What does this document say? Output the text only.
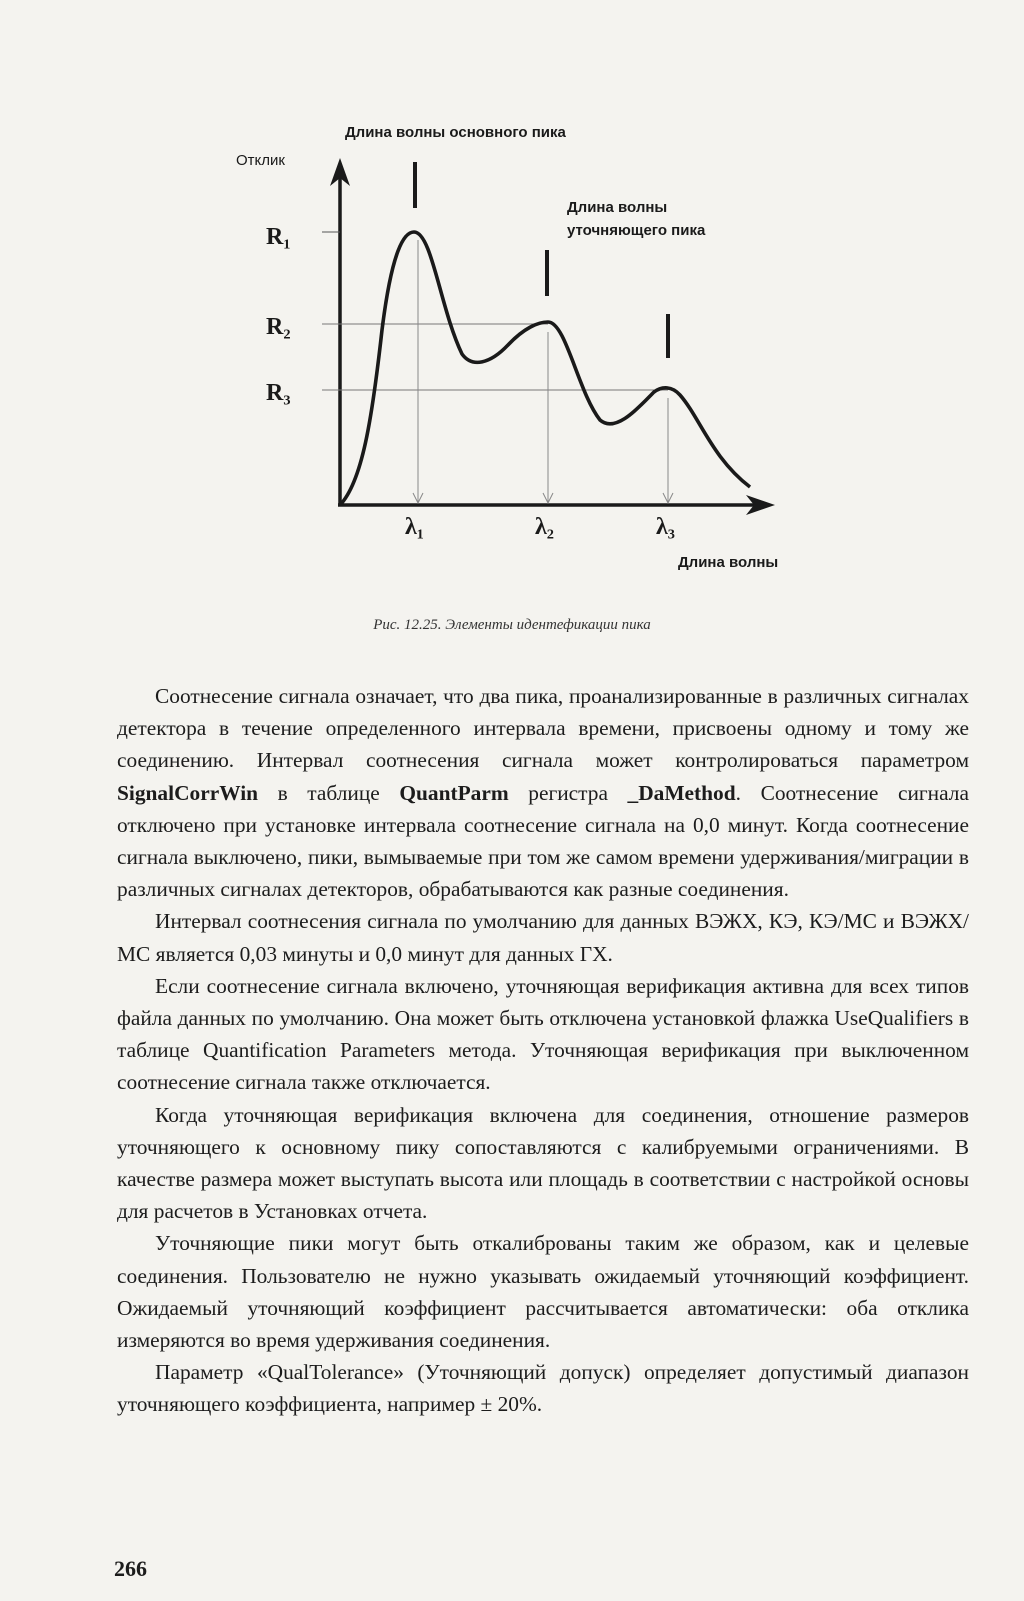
Длина волны основного пика
Отклик
Длина волны
уточняющего пика
R₁
R₂
R₃
λ₁	λ₂	λ₃
Длина волны
Рис. 12.25. Элементы идентефикации пика

Соотнесение сигнала означает, что два пика, проанализированные в различных сигналах детектора в течение определенного интервала времени, присвоены одному и тому же соединению. Интервал соотнесения сигнала может контролироваться параметром SignalCorrWin в таблице QuantParm регистра _DaMethod. Соотнесение сигнала отключено при установке интервала соотнесение сигнала на 0,0 минут. Когда соотнесение сигнала выключено, пики, вымываемые при том же самом времени удерживания/миграции в различных сигналах детекторов, обрабатываются как разные соединения.

Интервал соотнесения сигнала по умолчанию для данных ВЭЖХ, КЭ, КЭ/МС и ВЭЖХ/МС является 0,03 минуты и 0,0 минут для данных ГХ.

Если соотнесение сигнала включено, уточняющая верификация активна для всех типов файла данных по умолчанию. Она может быть отключена установкой флажка UseQualifiers в таблице Quantification Parameters метода. Уточняющая верификация при выключенном соотнесение сигнала также отключается.

Когда уточняющая верификация включена для соединения, отношение размеров уточняющего к основному пику сопоставляются с калибруемыми ограничениями. В качестве размера может выступать высота или площадь в соответствии с настройкой основы для расчетов в Установках отчета.

Уточняющие пики могут быть откалиброваны таким же образом, как и целевые соединения. Пользователю не нужно указывать ожидаемый уточняющий коэффициент. Ожидаемый уточняющий коэффициент рассчитывается автоматически: оба отклика измеряются во время удерживания соединения.

Параметр «QualTolerance» (Уточняющий допуск) определяет допустимый диапазон уточняющего коэффициента, например ± 20%.

266
